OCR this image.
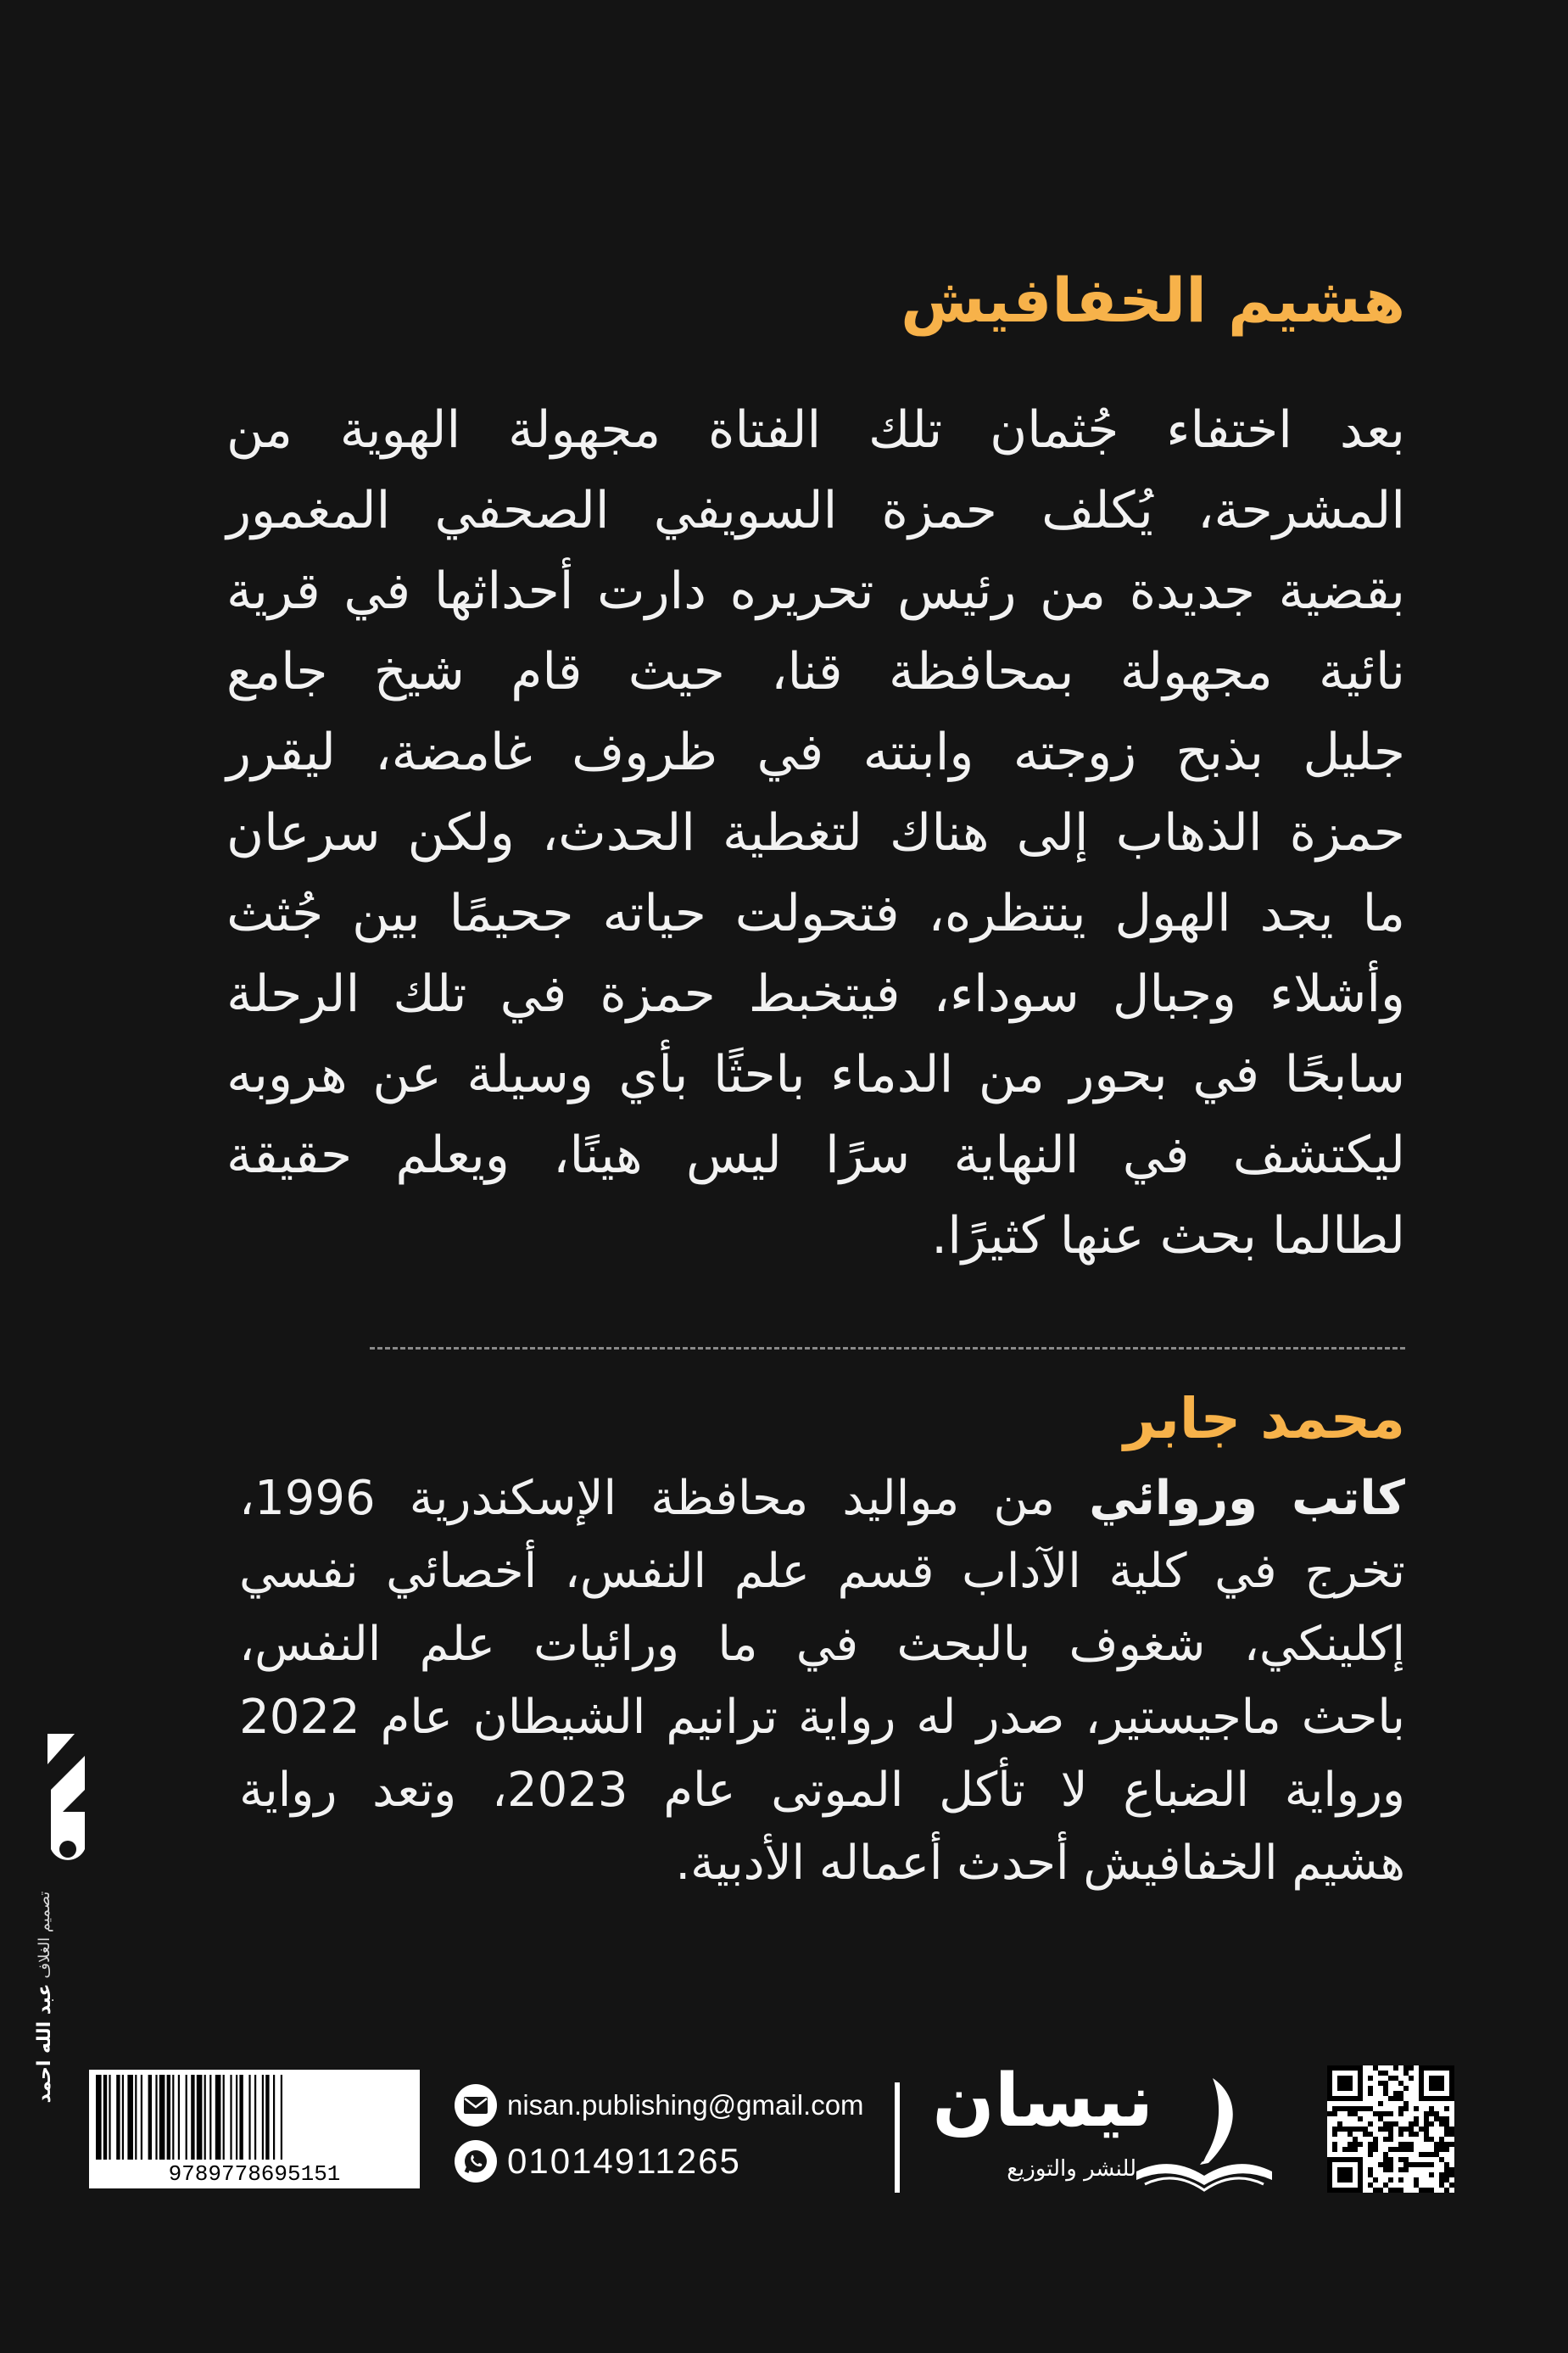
هشيم الخفافيش
بعد
اختفاء
جُثمان
تلك
الفتاة
مجهولة
الهوية
من
المشرحة،
يُكلف
حمزة
السويفي
الصحفي
المغمور
بقضية
جديدة
من
رئيس
تحريره
دارت
أحداثها
في
قرية
نائية
مجهولة
بمحافظة
قنا،
حيث
قام
شيخ
جامع
جليل
بذبح
زوجته
وابنته
في
ظروف
غامضة،
ليقرر
حمزة
الذهاب
إلى
هناك
لتغطية
الحدث،
ولكن
سرعان
ما
يجد
الهول
ينتظره،
فتحولت
حياته
جحيمًا
بين
جُثث
وأشلاء
وجبال
سوداء،
فيتخبط
حمزة
في
تلك
الرحلة
سابحًا
في
بحور
من
الدماء
باحثًا
بأي
وسيلة
عن
هروبه
ليكتشف
في
النهاية
سرًا
ليس
هينًا،
ويعلم
حقيقة
لطالما
بحث
عنها
كثيرًا.
محمد جابر
كاتب
وروائي
من
مواليد
محافظة
الإسكندرية
1996،
تخرج
في
كلية
الآداب
قسم
علم
النفس،
أخصائي
نفسي
إكلينكي،
شغوف
بالبحث
في
ما
ورائيات
علم
النفس،
باحث
ماجيستير،
صدر
له
رواية
ترانيم
الشيطان
عام
2022
ورواية
الضباع
لا
تأكل
الموتى
عام
2023،
وتعد
رواية
هشيم
الخفافيش
أحدث
أعماله
الأدبية.
تصميم الغلاف عبد الله احمد
9789778695151
nisan.publishing@gmail.com
01014911265
نيسان
للنشر والتوزيع
